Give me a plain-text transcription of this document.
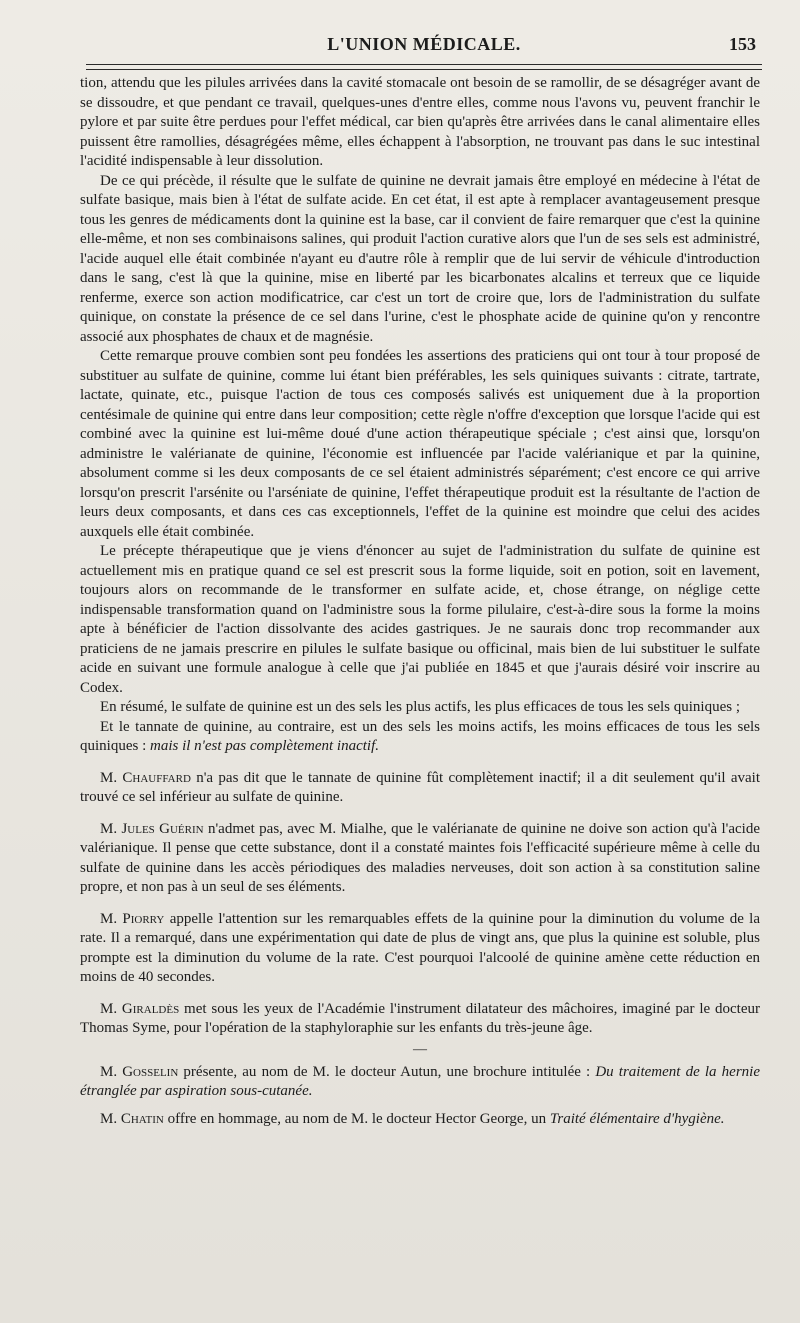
L'UNION MÉDICALE.	153

tion, attendu que les pilules arrivées dans la cavité stomacale ont besoin de se ramollir, de se désagréger avant de se dissoudre, et que pendant ce travail, quelques-unes d'entre elles, comme nous l'avons vu, peuvent franchir le pylore et par suite être perdues pour l'effet médical, car bien qu'après être arrivées dans le canal alimentaire elles puissent être ramollies, désagrégées même, elles échappent à l'absorption, ne trouvant pas dans le suc intestinal l'acidité indispensable à leur dissolution.

De ce qui précède, il résulte que le sulfate de quinine ne devrait jamais être employé en médecine à l'état de sulfate basique, mais bien à l'état de sulfate acide. En cet état, il est apte à remplacer avantageusement presque tous les genres de médicaments dont la quinine est la base, car il convient de faire remarquer que c'est la quinine elle-même, et non ses combinaisons salines, qui produit l'action curative alors que l'un de ses sels est administré, l'acide auquel elle était combinée n'ayant eu d'autre rôle à remplir que de lui servir de véhicule d'introduction dans le sang, c'est là que la quinine, mise en liberté par les bicarbonates alcalins et terreux que ce liquide renferme, exerce son action modificatrice, car c'est un tort de croire que, lors de l'administration du sulfate quinique, on constate la présence de ce sel dans l'urine, c'est le phosphate acide de quinine qu'on y rencontre associé aux phosphates de chaux et de magnésie.

Cette remarque prouve combien sont peu fondées les assertions des praticiens qui ont tour à tour proposé de substituer au sulfate de quinine, comme lui étant bien préférables, les sels quiniques suivants : citrate, tartrate, lactate, quinate, etc., puisque l'action de tous ces composés salivés est uniquement due à la proportion centésimale de quinine qui entre dans leur composition; cette règle n'offre d'exception que lorsque l'acide qui est combiné avec la quinine est lui-même doué d'une action thérapeutique spéciale ; c'est ainsi que, lorsqu'on administre le valérianate de quinine, l'économie est influencée par l'acide valérianique et par la quinine, absolument comme si les deux composants de ce sel étaient administrés séparément; c'est encore ce qui arrive lorsqu'on prescrit l'arsénite ou l'arséniate de quinine, l'effet thérapeutique produit est la résultante de l'action de leurs deux composants, et dans ces cas exceptionnels, l'effet de la quinine est moindre que celui des acides auxquels elle était combinée.

Le précepte thérapeutique que je viens d'énoncer au sujet de l'administration du sulfate de quinine est actuellement mis en pratique quand ce sel est prescrit sous la forme liquide, soit en potion, soit en lavement, toujours alors on recommande de le transformer en sulfate acide, et, chose étrange, on néglige cette indispensable transformation quand on l'administre sous la forme pilulaire, c'est-à-dire sous la forme la moins apte à bénéficier de l'action dissolvante des acides gastriques. Je ne saurais donc trop recommander aux praticiens de ne jamais prescrire en pilules le sulfate basique ou officinal, mais bien de lui substituer le sulfate acide en suivant une formule analogue à celle que j'ai publiée en 1845 et que j'aurais désiré voir inscrire au Codex.

En résumé, le sulfate de quinine est un des sels les plus actifs, les plus efficaces de tous les sels quiniques ;

Et le tannate de quinine, au contraire, est un des sels les moins actifs, les moins efficaces de tous les sels quiniques : mais il n'est pas complètement inactif.

M. Chauffard n'a pas dit que le tannate de quinine fût complètement inactif; il a dit seulement qu'il avait trouvé ce sel inférieur au sulfate de quinine.

M. Jules Guérin n'admet pas, avec M. Mialhe, que le valérianate de quinine ne doive son action qu'à l'acide valérianique. Il pense que cette substance, dont il a constaté maintes fois l'efficacité supérieure même à celle du sulfate de quinine dans les accès périodiques des maladies nerveuses, doit son action à sa constitution saline propre, et non pas à un seul de ses éléments.

M. Piorry appelle l'attention sur les remarquables effets de la quinine pour la diminution du volume de la rate. Il a remarqué, dans une expérimentation qui date de plus de vingt ans, que plus la quinine est soluble, plus prompte est la diminution du volume de la rate. C'est pourquoi l'alcoolé de quinine amène cette réduction en moins de 40 secondes.

M. Giraldès met sous les yeux de l'Académie l'instrument dilatateur des mâchoires, imaginé par le docteur Thomas Syme, pour l'opération de la staphyloraphie sur les enfants du très-jeune âge.

—

M. Gosselin présente, au nom de M. le docteur Autun, une brochure intitulée : Du traitement de la hernie étranglée par aspiration sous-cutanée.

M. Chatin offre en hommage, au nom de M. le docteur Hector George, un Traité élémentaire d'hygiène.
